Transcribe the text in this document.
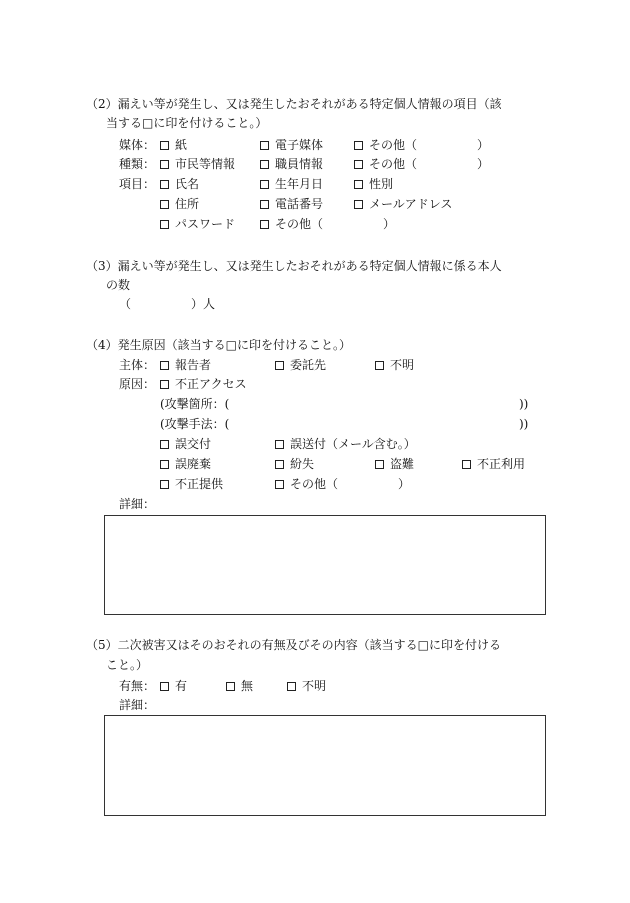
（2）漏えい等が発生し、又は発生したおそれがある特定個人情報の項目（該
当する□に印を付けること。）
媒体：	紙	電子媒体	その他（　　　　　）
種類：	市民等情報	職員情報	その他（　　　　　）
項目：	氏名	生年月日	性別
住所	電話番号	メールアドレス
パスワード	その他（　　　　　）
（3）漏えい等が発生し、又は発生したおそれがある特定個人情報に係る本人
の数
（　　　　　）人
（4）発生原因（該当する□に印を付けること。）
主体：	報告者	委託先	不明
原因：	不正アクセス
(攻撃箇所：(	))
(攻撃手法：(	))
誤交付	誤送付（メール含む。）
誤廃棄	紛失	盗難	不正利用
不正提供	その他（　　　　　）
詳細：
（5）二次被害又はそのおそれの有無及びその内容（該当する□に印を付ける
こと。）
有無：	有	無	不明
詳細：
